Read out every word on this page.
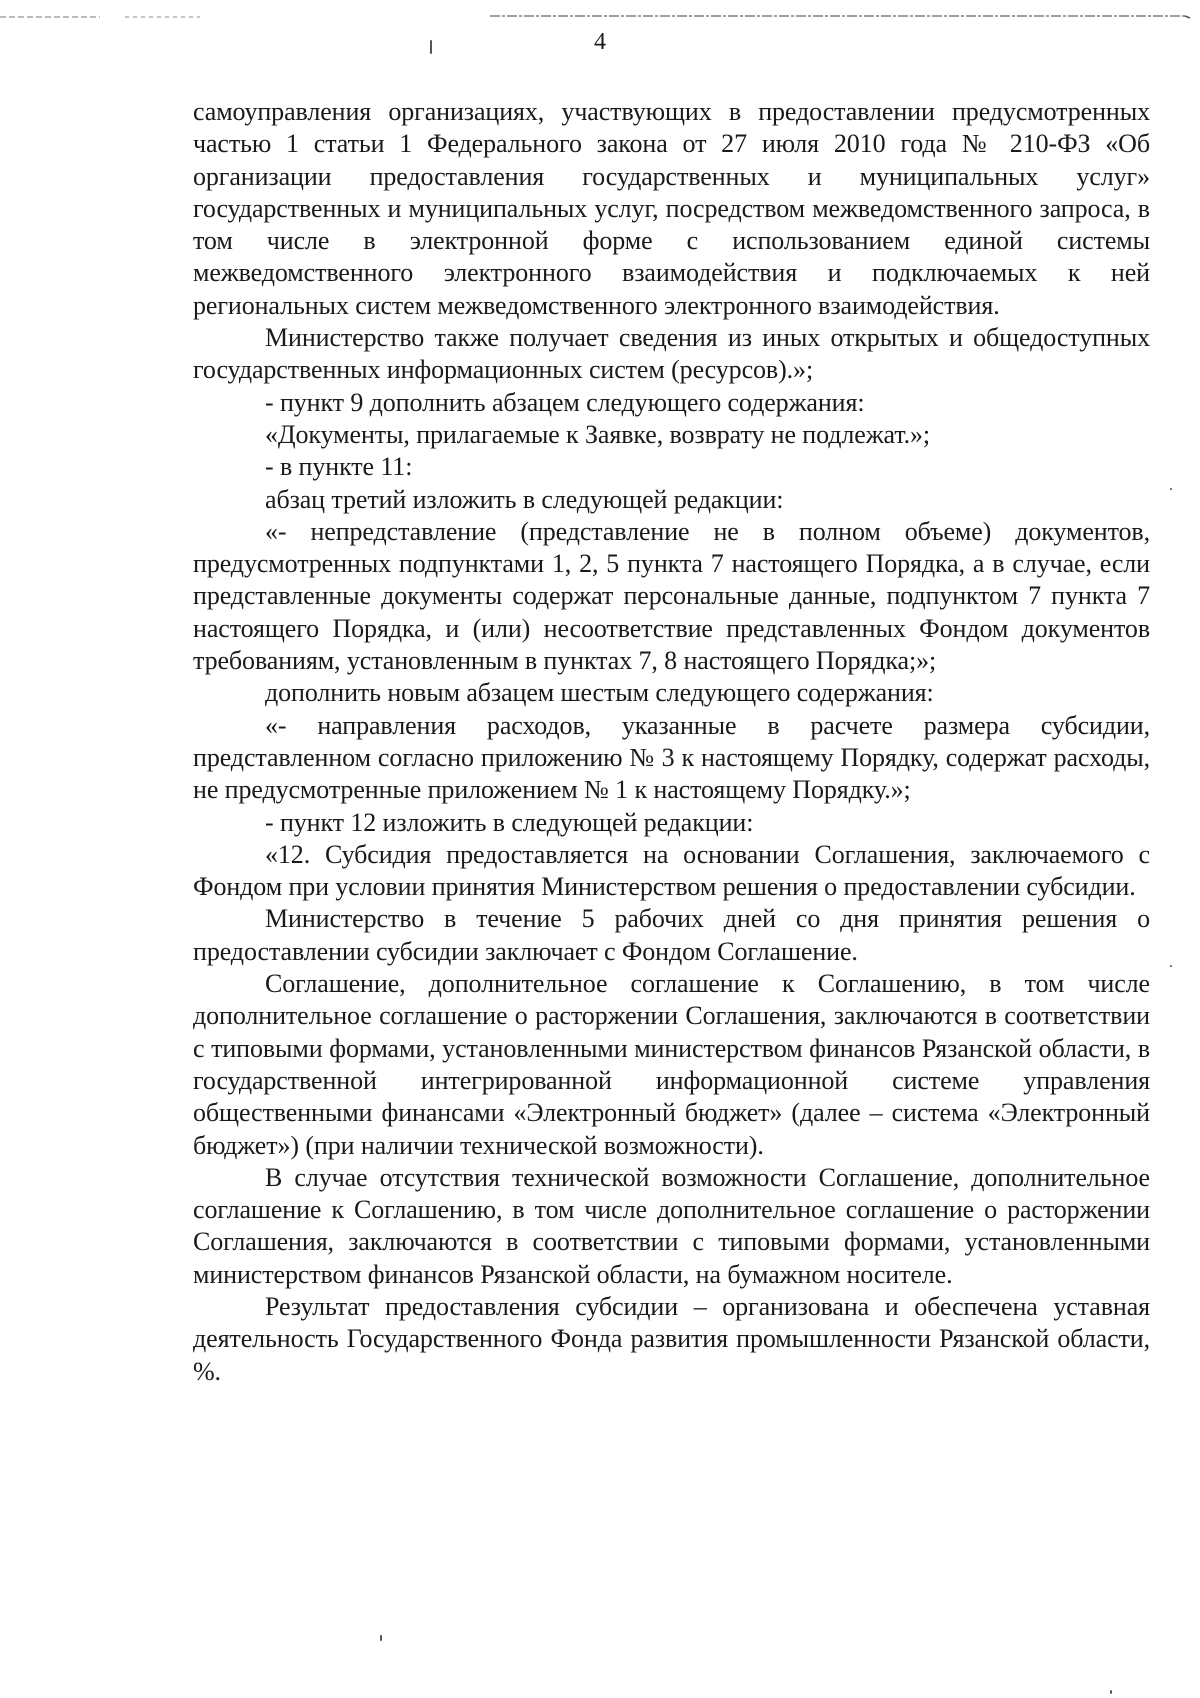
4

самоуправления организациях, участвующих в предоставлении предусмотренных частью 1 статьи 1 Федерального закона от 27 июля 2010 года № 210-ФЗ «Об организации предоставления государственных и муниципальных услуг» государственных и муниципальных услуг, посредством межведомственного запроса, в том числе в электронной форме с использованием единой системы межведомственного электронного взаимодействия и подключаемых к ней региональных систем межведомственного электронного взаимодействия.

Министерство также получает сведения из иных открытых и общедоступных государственных информационных систем (ресурсов).»;

- пункт 9 дополнить абзацем следующего содержания:

«Документы, прилагаемые к Заявке, возврату не подлежат.»;

- в пункте 11:

абзац третий изложить в следующей редакции:

«- непредставление (представление не в полном объеме) документов, предусмотренных подпунктами 1, 2, 5 пункта 7 настоящего Порядка, а в случае, если представленные документы содержат персональные данные, подпунктом 7 пункта 7 настоящего Порядка, и (или) несоответствие представленных Фондом документов требованиям, установленным в пунктах 7, 8 настоящего Порядка;»;

дополнить новым абзацем шестым следующего содержания:

«- направления расходов, указанные в расчете размера субсидии, представленном согласно приложению № 3 к настоящему Порядку, содержат расходы, не предусмотренные приложением № 1 к настоящему Порядку.»;

- пункт 12 изложить в следующей редакции:

«12. Субсидия предоставляется на основании Соглашения, заключаемого с Фондом при условии принятия Министерством решения о предоставлении субсидии.

Министерство в течение 5 рабочих дней со дня принятия решения о предоставлении субсидии заключает с Фондом Соглашение.

Соглашение, дополнительное соглашение к Соглашению, в том числе дополнительное соглашение о расторжении Соглашения, заключаются в соответствии с типовыми формами, установленными министерством финансов Рязанской области, в государственной интегрированной информационной системе управления общественными финансами «Электронный бюджет» (далее – система «Электронный бюджет») (при наличии технической возможности).

В случае отсутствия технической возможности Соглашение, дополнительное соглашение к Соглашению, в том числе дополнительное соглашение о расторжении Соглашения, заключаются в соответствии с типовыми формами, установленными министерством финансов Рязанской области, на бумажном носителе.

Результат предоставления субсидии – организована и обеспечена уставная деятельность Государственного Фонда развития промышленности Рязанской области, %.
